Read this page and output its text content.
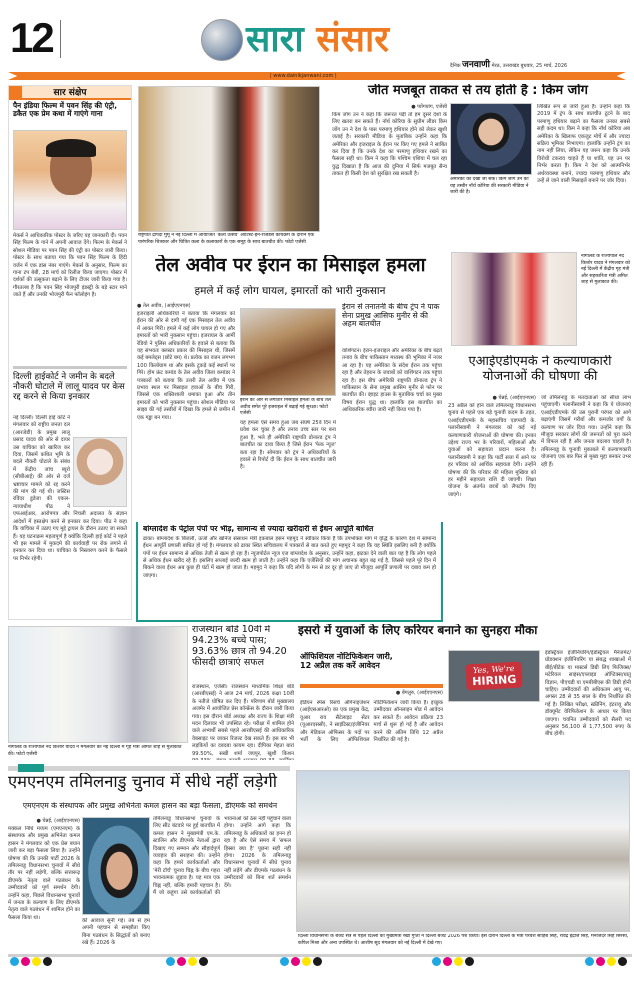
12	सारा संसार
दैनिक जनवाणी मेरठ, उत्तराखंड बुधवार, 25 मार्च, 2026
| www.dainikjanwani.com |
सार संक्षेप
पैन इंडिया फिल्म में पवन सिंह की एंट्री, डकैत एक प्रेम कथा में गाएंगे गाना
मेकर्स ने आधिकारिक पोस्टर के जरिए यह जानकारी दी। पवन सिंह फिल्म के गाने में अपनी आवाज देंगे। फिल्म के मेकर्स ने सोशल मीडिया पर पवन सिंह की एंट्री का पोस्टर जारी किया। पोस्टर के साथ बताया गया कि पवन सिंह फिल्म के हिंदी वर्जन में एक डांस नंबर गाएंगे। मेकर्स के अनुसार, फिल्म का गाना टप बेबी, 28 मार्च को रिलीज किया जाएगा। पोस्टर में दर्शकों की उत्सुकता बढ़ाने के लिए टीजर जारी किया गया है। गौरतलब है कि पवन सिंह भोजपुरी इंडस्ट्री के बड़े स्टार माने जाते हैं और उनकी भोजपुरी फैन फॉलोइंग है।
दिल्ली हाईकोर्ट ने जमीन के बदले नौकरी घोटाले में लालू यादव पर केस रद्द करने से किया इनकार
नई दिल्ली। दिल्ली हाई कोर्ट ने मंगलवार को राष्ट्रीय जनता दल (आरजेडी) के प्रमुख लालू प्रसाद यादव की ओर से दायर उस याचिका को खारिज कर दिया, जिसमें कथित भूमि के बदले नौकरी घोटाले के संबंध में केंद्रीय जांच ब्यूरो (सीबीआई) की ओर से दर्ज भ्रष्टाचार मामले को रद्द करने की मांग की गई थी। जस्टिस रविंदर डुडेजा की एकल-न्यायाधीश पीठ ने एफआईआर, आरोपपत्र और निचली अदालत के संज्ञान आदेशों में हस्तक्षेप करने से इनकार कर दिया। पीठ ने कहा कि याचिका में उठाए गए मुद्दे ट्रायल के दौरान उठाए जा सकते हैं। यह घटनाक्रम महत्वपूर्ण है क्योंकि दिल्ली हाई कोर्ट ने पहले भी इस मामले में मुकदमे की कार्यवाही पर रोक लगाने से इनकार कर दिया था। याचिका के निस्तारण करने के फैसले पर निर्भर रहेगी।
राष्ट्रपति द्रौपदी मुर्मू ने नई दिल्ली में आयोजित 'कला उत्सव' आर्टिस्ट-इन-रेजिडेंस कार्यक्रम के दौरान एक पारंपरिक चित्रकार और चित्रित कला के कलाकारों के एक समूह के साथ बातचीत की। फोटो एजेंसी
जीत मजबूत ताकत से तय होती है : किम जोंग
● प्योंगयांग, एजेंसी
किम जोंग उन ने कहा कि जरूरत पड़ी तो हम दूसरे देशों के लिए खतरा बन सकते हैं। नॉर्थ कोरिया के सुप्रीम लीडर किम जोंग उन ने देश के पास परमाणु हथियार होने को लेकर खुशी जताई है। सरकारी मीडिया के मुताबिक उन्होंने कहा कि अमेरिका और इजराइल के ईरान पर किए गए हमले ने साबित कर दिया है कि उनके देश का परमाणु हथियार रखने का फैसला सही था। किम ने कहा कि पश्चिम एशिया में चल रहा युद्ध दिखाता है कि आज की दुनिया में सिर्फ मजबूत सैन्य ताकत ही किसी देश को सुरक्षित रख सकती है।
अमेरिका को देखा जा सके। किम जोंग उन की यह तस्वीर नॉर्थ कोरिया की सरकारी मीडिया ने जारी की है।
लिखित रूप से जारी हुआ है। उन्होंने कहा कि 2019 में ट्रंप के साथ बातचीत टूटने के बाद परमाणु हथियार बढ़ाने का फैसला उनका सबसे सही कदम था। किम ने कहा कि नॉर्थ कोरिया अब अमेरिका के खिलाफ एकजुट मोर्चे में और ज्यादा सक्रिय भूमिका निभाएगा। हालांकि उन्होंने ट्रंप का नाम नहीं लिया, लेकिन यह जरूर कहा कि उनके विरोधी टकराव चाहते हैं या शांति, यह उन पर निर्भर करता है। किम ने देश को आत्मनिर्भर अर्थव्यवस्था बनाने, ज्यादा परमाणु हथियार और उन्हें ले जाने वाली मिसाइलें बनाने पर जोर दिया।
तेल अवीव पर ईरान का मिसाइल हमला
हमले में कई लोग घायल, इमारतों को भारी नुकसान
● तेल अवीव, (आईएएनएस)
इजराइली अधिकारियों ने बताया कि मंगलवार को ईरान की ओर से दागी गई एक मिसाइल तेल अवीव में आकर गिरी। हमले में कई लोग घायल हो गए और इमारतों को भारी नुकसान पहुंचा। इजरायल के आर्मी रेडियो ने पुलिस अधिकारियों के हवाले से बताया कि यह संभवतः क्लस्टर प्रकार की मिसाइल थी, जिसमें कई बमलेट्स (छोटे बम) थे। प्रत्येक का वजन लगभग 100 किलोग्राम था और इसके टुकड़े कई स्थानों पर गिरे। होम फ्रंट कमांड के तेल अवीव जिला कमांडर ने पत्रकारों को बताया कि उत्तरी तेल अवीव में एक प्रभाव स्थल पर मिसाइल हवाओं के बीच गिरी, जिससे एक शक्तिशाली धमाका हुआ और तीन इमारतों को भारी नुकसान पहुंचा। सोशल मीडिया पर साझा की गई तस्वीरों में दिखा कि हमले से जमीन में एक गड्ढा बन गया।
ईरान की ओर से लगातार मिसाइल हमलों के बीच तेल अवीव समेत पूरे इजराइल में बढ़ाई गई सुरक्षा। फोटो एजेंसी
यह हमला ऐसे समय हुआ जब संघर्ष 25वें दिन में प्रवेश कर चुका है और तनाव उच्च स्तर पर बना हुआ है, भले ही अमेरिकी राष्ट्रपति डोनाल्ड ट्रंप ने बातचीत का दावा किया है जिसे ईरान 'फेक न्यूज' बता रहा है। सोमवार को ट्रंप ने अधिकारियों के हवाले से रिपोर्ट दी कि ईरान के साथ बातचीत जारी है।
ईरान से तनातनी के बीच ट्रंप ने पाक सेना प्रमुख आसिफ मुनीर से की अहम बातचीत
वाशिंगटन। ईरान-इजराइल और अमेरिका के बीच बढ़ते तनाव के बीच पाकिस्तान मध्यस्थ की भूमिका में नजर आ रहा है। यह अमेरिका के संदेश ईरान तक पहुंचा रहा है और तेहरान के जवाबों को वाशिंगटन तक पहुंचा रहा है। इस बीच अमेरिकी राष्ट्रपति डोनाल्ड ट्रंप ने पाकिस्तान के सेना प्रमुख आसिम मुनीर से फोन पर बातचीत की। व्हाइट हाउस के मुताबिक चर्चा का मुख्य विषय ईरान युद्ध था। हालांकि इस बातचीत का आधिकारिक ब्यौरा जारी नहीं किया गया है।
नागालैंड के राज्यपाल नंद किशोर यादव ने मंगलवार को नई दिल्ली में केंद्रीय गृह मंत्री और सहकारिता मंत्री अमित शाह से मुलाकात की।
एआईएडीएमके ने कल्याणकारी योजनाओं की घोषणा की
● चेन्नई, (आईएएनएस)
23 अप्रैल को होने वाले तमिलनाडु विधानसभा चुनाव से पहले एक बड़े चुनावी कदम के तहत, एआईएडीएमके के महासचिव एडप्पादी के. पलानीस्वामी ने मंगलवार को कई नई कल्याणकारी योजनाओं की घोषणा की। इनका उद्देश्य राज्य भर के परिवारों, महिलाओं और युवाओं को सहायता प्रदान करना है। पलानीस्वामी ने कहा कि पार्टी सत्ता में आने पर हर परिवार को आर्थिक सहायता देगी। उन्होंने घोषणा की कि परिवार की महिला मुखिया को हर महीने सहायता राशि दी जाएगी। शिक्षा योजना के अंतर्गत छात्रों को लैपटॉप दिए जाएंगे।
जो तमिलनाडु के मतदाताओं को सीधा लाभ पहुंचाएगी। पलानीस्वामी ने कहा कि ये योजनाएं एआईएडीएमके की उस पुरानी परंपरा को आगे बढ़ाएंगी जिसमें गरीबों और कमजोर वर्गों के कल्याण पर जोर दिया गया। उन्होंने कहा कि मौजूदा सरकार लोगों की जरूरतों को पूरा करने में विफल रही है और जनता बदलाव चाहती है। तमिलनाडु के चुनावी मुकाबले में कल्याणकारी योजनाएं एक बार फिर से मुख्य मुद्दा बनकर उभर रही हैं।
बांग्लादेश के पेट्रोल पंपों पर भीड़, सामान्य से ज्यादा खरीदारी से ईंधन आपूर्ति बाधित
ढाका। बांग्लादेश के बिजली, ऊर्जा और खनिज संसाधन मंत्री इकबाल हसन महमूद ने स्वीकार किया है कि उपभोक्ता मांग में वृद्धि के कारण देश में सामान्य ईंधन आपूर्ति प्रणाली बाधित हो गई है। मंगलवार को ढाका स्थित सचिवालय में पत्रकारों से बात करते हुए महमूद ने कहा कि यह स्थिति इसलिए बनी है क्योंकि पंपों पर ईंधन सामान्य से अधिक तेजी से खत्म हो रहा है। न्यूजपोर्टल न्यूज एज बांग्लादेश के अनुसार, उन्होंने कहा, झटका देने वाली बात यह है कि लोग पहले से अधिक ईंधन खरीद रहे हैं। इसलिए सप्लाई जल्दी खत्म हो जाती है। उन्होंने कहा कि एजेंसियों की मांग अचानक बहुत बढ़ गई है, जिससे पहले पूरे दिन में बिकने वाला ईंधन अब कुछ ही घंटों में खत्म हो जाता है। महमूद ने कहा कि यदि लोगों के मन से डर दूर हो जाए तो मौजूदा आपूर्ति प्रणाली पर दबाव कम हो जाएगा।
नागालैंड के राज्यपाल नंद किशोर यादव ने मंगलवार को नई दिल्ली में गृह मंत्री अमित शाह से मुलाकात की। फोटो एजेंसी
राजस्थान बोर्ड 10वीं में 94.23% बच्चे पास; 93.63% छात्र तो 94.20 फीसदी छात्राएं सफल
राजस्थान, एजेंसी। राजस्थान माध्यमिक शिक्षा बोर्ड (आरबीएसई) ने आज 24 मार्च, 2026 कक्षा 10वीं के नतीजे घोषित कर दिए हैं। परिणाम बोर्ड मुख्यालय अजमेर में आयोजित प्रेस कॉन्फ्रेंस के दौरान जारी किया गया। इस दौरान बोर्ड अध्यक्ष और राज्य के शिक्षा मंत्री मदन दिलावर भी उपस्थित रहे। परीक्षा में शामिल होने वाले अभ्यर्थी सबसे पहले आरबीएसई की आधिकारिक वेबसाइट पर जाकर रिजल्ट देख सकते हैं। इस बार भी लड़कियों का दबदबा कायम रहा। दीपिका मेहता बारां 99.50%, सखी शर्मा जयपुर, खुशी किशन
इसरो में युवाओं के लिए करियर बनाने का सुनहरा मौका
ऑफिशियल नोटिफिकेशन जारी, 12 अप्रैल तक करें आवेदन
● बेंगलुरु, (आईएएनएस)
इंडियन स्पेस रिसर्च ऑर्गेनाइजेशन (आईएसआरओ) का एक प्रमुख केंद्र, यूआर राव सैटेलाइट सेंटर (यूआरएससी), ने साइंटिस्ट/इंजीनियर और मेडिकल ऑफिसर के पदों पर भर्ती के लिए ऑफिशियल नोटिफिकेशन जारी किया है। इच्छुक उम्मीदवार ऑनलाइन मोड में आवेदन कर सकते हैं। आवेदन प्रक्रिया 23 मार्च से शुरू हो गई है और आवेदन करने की अंतिम तिथि 12 अप्रैल निर्धारित की गई है।
Yes, We're
HIRING
इंडस्ट्रियल इंजीनियरिंग/इंडस्ट्रियल मैनेजमेंट/प्रोडक्शन इंजीनियरिंग या संबद्ध शाखाओं में बीई/बीटेक या मास्टर्स डिग्री लिए फिजिक्स/मटेरियल साइंस/एप्लाइड ऑप्टिक्स/धातु विज्ञान, पीएचडी या एमबीबीएस की डिग्री होनी चाहिए। उम्मीदवारों की अधिकतम आयु पर, अगस्त 28 से 35 साल के बीच निर्धारित की गई है। लिखित परीक्षा, स्क्रीनिंग, इंटरव्यू और डॉक्यूमेंट वेरिफिकेशन के आधार पर किया जाएगा। चयनित उम्मीदवारों को सैलरी पद अनुसार 56,100 से 1,77,500 रुपए के बीच होगी।
एमएनएम तमिलनाडु चुनाव में सीधे नहीं लड़ेगी
एमएनएम के संस्थापक और प्रमुख अभिनेता कमल हासन का बड़ा फैसला, डीएमके को समर्थन
● चेन्नई, (आईएएनएस)
मक्कल निधि मय्यम (एमएनएम) के संस्थापक और प्रमुख अभिनेता कमल हासन ने मंगलवार को एक प्रेस बयान जारी कर बड़ा फैसला लिया है। उन्होंने घोषणा की कि उनकी पार्टी 2026 के तमिलनाडु विधानसभा चुनावों में सीधे तौर पर नहीं लड़ेगी, बल्कि सत्तारूढ़ डीएमके नेतृत्व वाले गठबंधन के उम्मीदवारों को पूर्ण समर्थन देगी। उन्होंने कहा, पिछले विधानसभा चुनावों में जनता के कल्याण के लिए डीएमके नेतृत्व वाले गठबंधन में शामिल होने का फैसला किया था।
की आवाज सुनी गई। तब से हम अपनी पहचान से समझौता किए बिना गठबंधन के सिद्धांतों को बनाए रखे हैं। 2026 के
तमिलनाडु विधानसभा चुनावों के लिए सीट बंटवारे पर हुई बातचीत में कमल हासन ने मुख्यमंत्री एम.के. स्टालिन और डीएमके नेताओं द्वारा दिखाए गए सम्मान और सौहार्दपूर्ण व्यवहार की सराहना की। उन्होंने कहा कि हमारे कार्यकर्ताओं और 'मेरी टॉर्च' चुनाव चिह्न के बीच गहरा भावनात्मक जुड़ाव है। यह मात्र एक चिह्न नहीं, बल्कि हमारी पहचान है। मैं जो कहूंगा उसे कार्यकर्ताओं की भावनाओं को ठेस नहीं पहुंचाने वाला होगा। उन्होंने आगे कहा कि तमिलनाडु के अधिकारों का हनन हो रहा है और ऐसे समय में 'सफल हिस्सा क्या है' पूछना सही नहीं होगा। 2026 के तमिलनाडु विधानसभा चुनावों में सीधे चुनाव नहीं लड़ेंगे और डीएमके गठबंधन के उम्मीदवारों को बिना शर्त समर्थन देंगे।
दिल्ली विधानसभा के बजट सत्र से पहले दिल्ली की मुख्यमंत्री रेखा गुप्ता ने दिल्ली बजट 2026 पेश किया। इस दौरान दिल्ली के मंत्री परवेश साहिब सिंह, रविंद्र इंद्राज सिंह, मनजिंदर सिंह सिरसा, कपिल मिश्रा और अन्य उपस्थित थे। आशीष सूद मंगलवार को नई दिल्ली में देखे गए।
